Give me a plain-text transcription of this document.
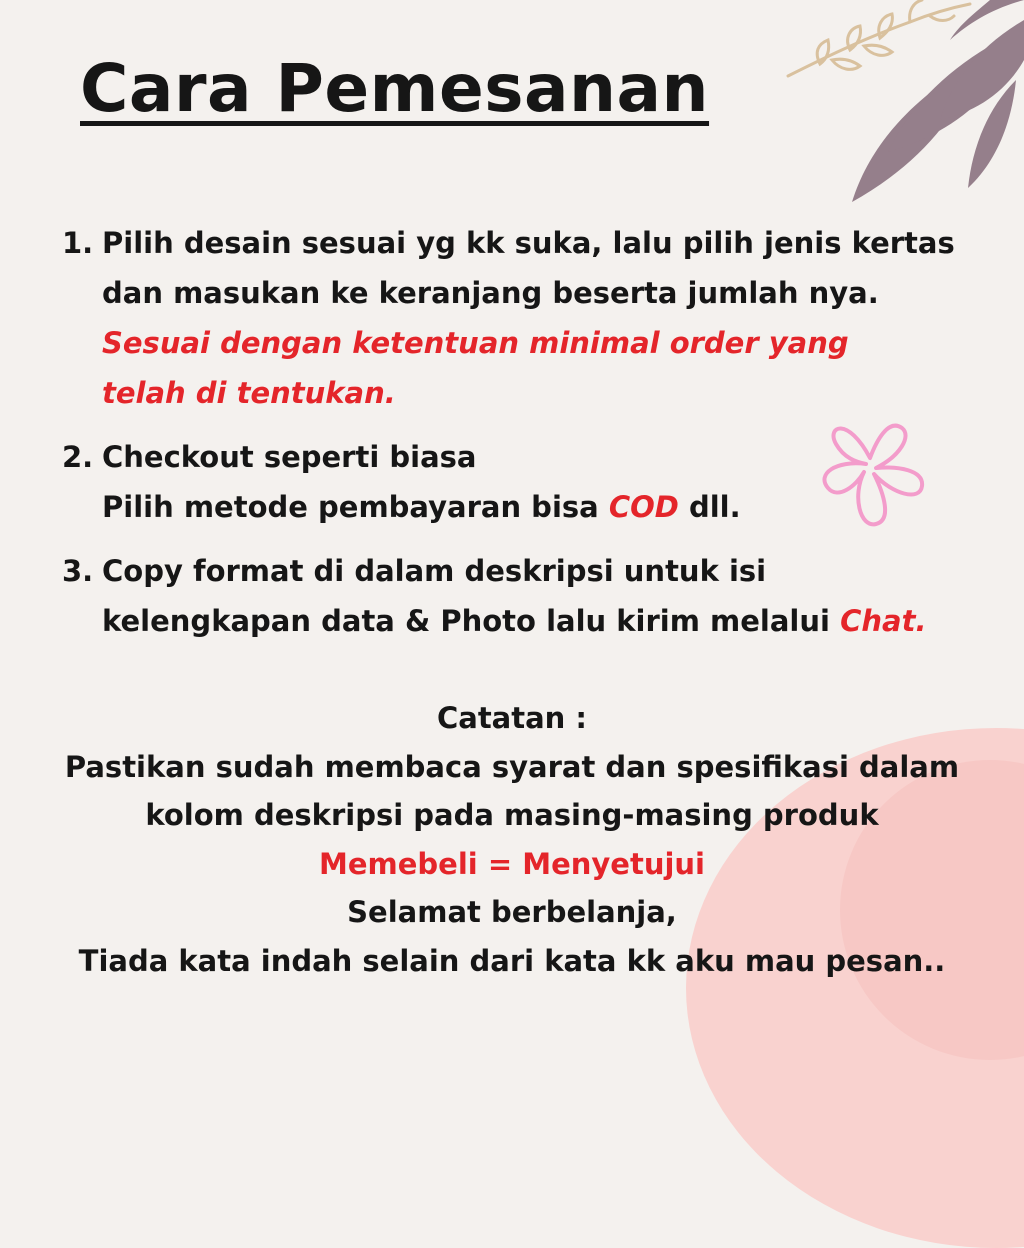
Cara Pemesanan
1. Pilih desain sesuai yg kk suka, lalu pilih jenis kertas
dan masukan ke keranjang beserta jumlah nya.
Sesuai dengan ketentuan minimal order yang
telah di tentukan.
2. Checkout seperti biasa
Pilih metode pembayaran bisa COD dll.
3. Copy format di dalam deskripsi untuk isi
kelengkapan data & Photo lalu kirim melalui Chat.
Catatan :
Pastikan sudah membaca syarat dan spesifikasi dalam
kolom deskripsi pada masing-masing produk
Memebeli = Menyetujui
Selamat berbelanja,
Tiada kata indah selain dari kata kk aku mau pesan..
